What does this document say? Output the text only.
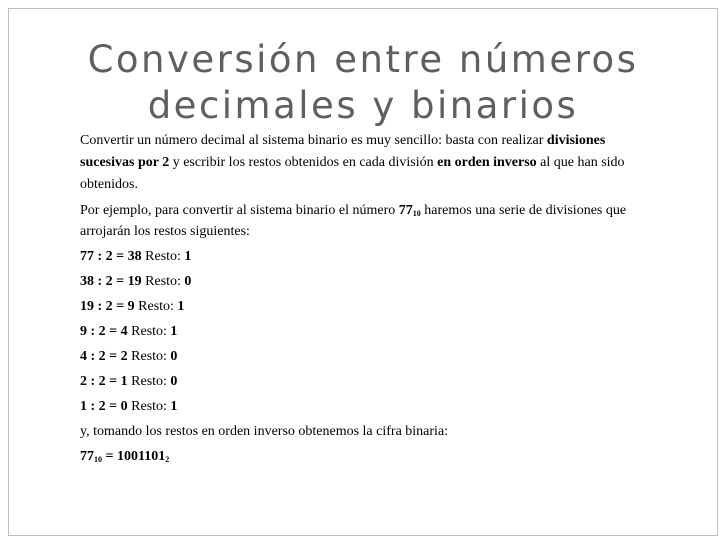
Conversión entre números
decimales y binarios
Convertir un número decimal al sistema binario es muy sencillo: basta con realizar divisiones sucesivas por 2 y escribir los restos obtenidos en cada división en orden inverso al que han sido obtenidos.
Por ejemplo, para convertir al sistema binario el número $77_{10}$ haremos una serie de divisiones que arrojarán los restos siguientes:
77 : 2 = 38 Resto: 1
38 : 2 = 19 Resto: 0
19 : 2 = 9 Resto: 1
9 : 2 = 4 Resto: 1
4 : 2 = 2 Resto: 0
2 : 2 = 1 Resto: 0
1 : 2 = 0 Resto: 1
y, tomando los restos en orden inverso obtenemos la cifra binaria:
$77_{10} = 1001101_2$
